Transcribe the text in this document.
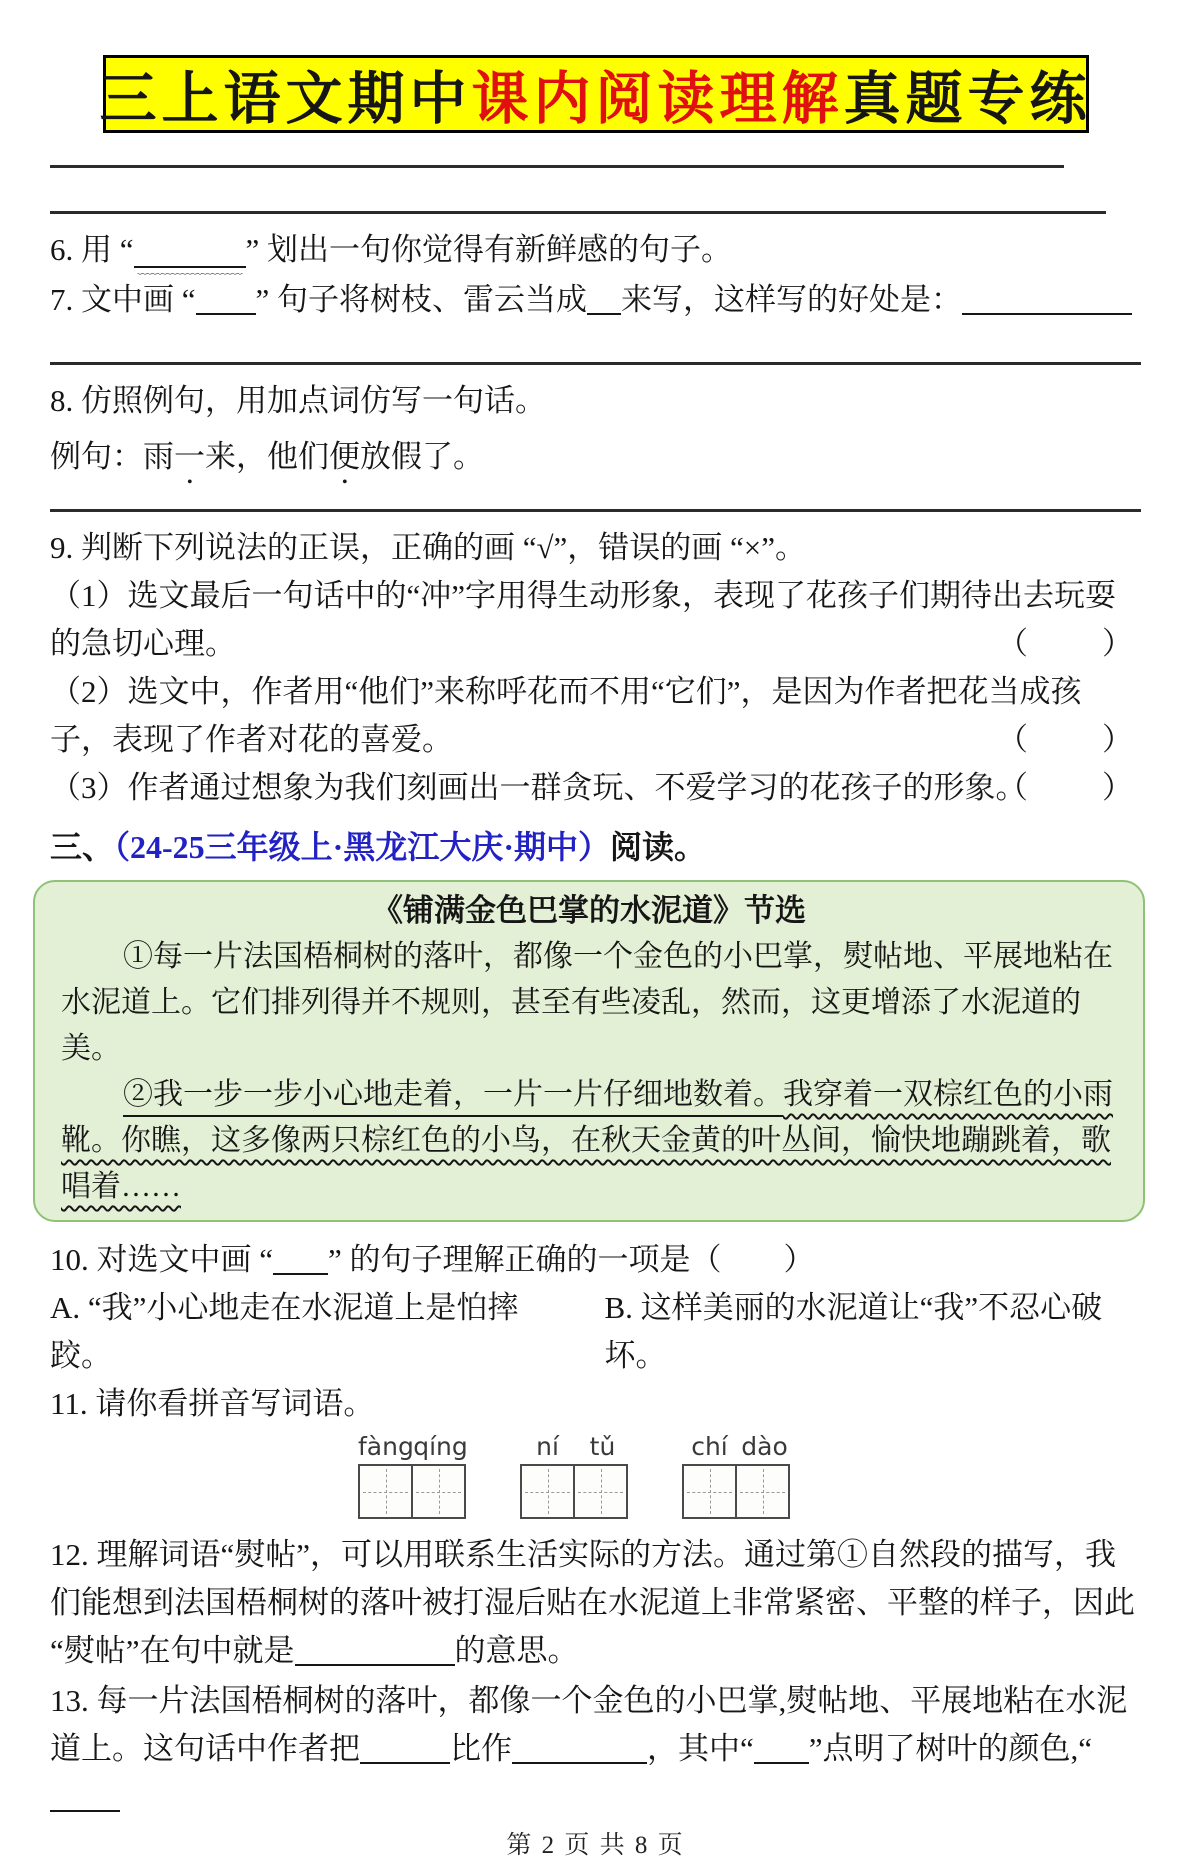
三上语文期中 课内阅读理解 真题专练
6. 用 “
﹏﹏﹏﹏﹏﹏﹏
” 划出一句你觉得有新鲜感的句子。
7. 文中画 “ ” 句子将树枝、雷云当成 来写，这样写的好处是：
8. 仿照例句，用加点词仿写一句话。
例句：雨一来，他们便放假了。
9. 判断下列说法的正误，正确的画 “√”，错误的画 “×”。
（1）选文最后一句话中的“冲”字用得生动形象，表现了花孩子们期待出去玩耍的急切心理。	（　　）
（2）选文中，作者用“他们”来称呼花而不用“它们”，是因为作者把花当成孩子，表现了作者对花的喜爱。	（　　）
（3）作者通过想象为我们刻画出一群贪玩、不爱学习的花孩子的形象。
（　　）
三、（24-25三年级上·黑龙江大庆·期中）阅读。
《铺满金色巴掌的水泥道》节选

①每一片法国梧桐树的落叶，都像一个金色的小巴掌，熨帖地、平展地粘在水泥道上。它们排列得并不规则，甚至有些凌乱，然而，这更增添了水泥道的美。

②我一步一步小心地走着，一片一片仔细地数着。我穿着一双棕红色的小雨靴。你瞧，这多像两只棕红色的小鸟，在秋天金黄的叶丛间，愉快地蹦跳着，歌唱着……

10. 对选文中画 “ ” 的句子理解正确的一项是（　　）
A. “我”小心地走在水泥道上是怕摔跤。
B. 这样美丽的水泥道让“我”不忍心破坏。
11. 请你看拼音写词语。
fàng qíng	ní	tǔ	chí dào
12. 理解词语“熨帖”，可以用联系生活实际的方法。通过第①自然段的描写，我们能想到法国梧桐树的落叶被打湿后贴在水泥道上非常紧密、平整的样子，因此“熨帖”在句中就是	的意思。
13. 每一片法国梧桐树的落叶，都像一个金色的小巴掌,熨帖地、平展地粘在水泥道上。这句话中作者把	比作	，其中“ ”点明了树叶的颜色,“
第 2 页 共 8 页
